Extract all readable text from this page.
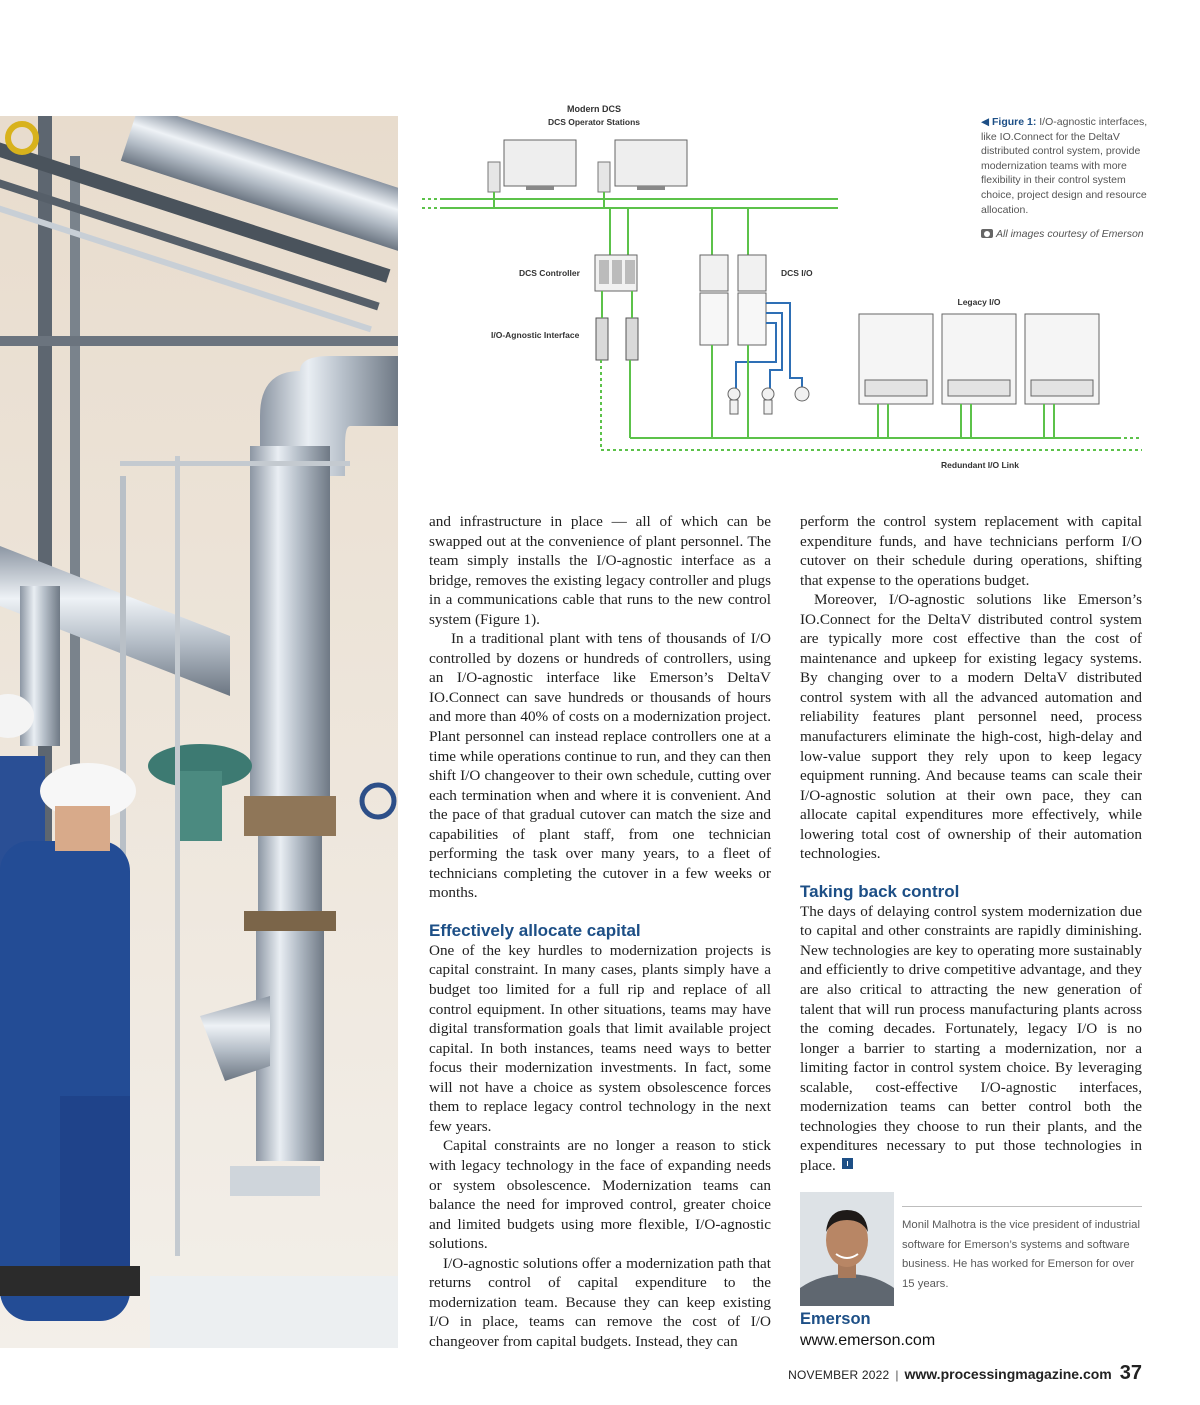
Modern DCS
DCS Operator Stations
DCS Controller
I/O-Agnostic Interface
DCS I/O
Legacy I/O
Redundant I/O Link
◀ Figure 1: I/O-agnostic interfaces, like IO.Connect for the DeltaV distributed control system, provide modernization teams with more flexibility in their control system choice, project design and resource allocation.
All images courtesy of Emerson

and infrastructure in place — all of which can be swapped out at the convenience of plant personnel. The team simply installs the I/O-agnostic interface as a bridge, removes the existing legacy controller and plugs in a communications cable that runs to the new control system (Figure 1).

In a traditional plant with tens of thousands of I/O controlled by dozens or hundreds of controllers, using an I/O-agnostic interface like Emerson’s DeltaV IO.Connect can save hundreds or thousands of hours and more than 40% of costs on a modernization project. Plant personnel can instead replace controllers one at a time while operations continue to run, and they can then shift I/O changeover to their own schedule, cutting over each termination when and where it is convenient. And the pace of that gradual cutover can match the size and capabilities of plant staff, from one technician performing the task over many years, to a fleet of technicians completing the cutover in a few weeks or months.

Effectively allocate capital

One of the key hurdles to modernization projects is capital constraint. In many cases, plants simply have a budget too limited for a full rip and replace of all control equipment. In other situations, teams may have digital transformation goals that limit available project capital. In both instances, teams need ways to better focus their modernization investments. In fact, some will not have a choice as system obsolescence forces them to replace legacy control technology in the next few years.

Capital constraints are no longer a reason to stick with legacy technology in the face of expanding needs or system obsolescence. Modernization teams can balance the need for improved control, greater choice and limited budgets using more flexible, I/O-agnostic solutions.

I/O-agnostic solutions offer a modernization path that returns control of capital expenditure to the modernization team. Because they can keep existing I/O in place, teams can remove the cost of I/O changeover from capital budgets. Instead, they can

perform the control system replacement with capital expenditure funds, and have technicians perform I/O cutover on their schedule during operations, shifting that expense to the operations budget.

Moreover, I/O-agnostic solutions like Emerson’s IO.Connect for the DeltaV distributed control system are typically more cost effective than the cost of maintenance and upkeep for existing legacy systems. By changing over to a modern DeltaV distributed control system with all the advanced automation and reliability features plant personnel need, process manufacturers eliminate the high-cost, high-delay and low-value support they rely upon to keep legacy equipment running. And because teams can scale their I/O-agnostic solution at their own pace, they can allocate capital expenditures more effectively, while lowering total cost of ownership of their automation technologies.

Taking back control

The days of delaying control system modernization due to capital and other constraints are rapidly diminishing. New technologies are key to operating more sustainably and efficiently to drive competitive advantage, and they are also critical to attracting the new generation of talent that will run process manufacturing plants across the coming decades. Fortunately, legacy I/O is no longer a barrier to starting a modernization, nor a limiting factor in control system choice. By leveraging scalable, cost-effective I/O-agnostic interfaces, modernization teams can better control both the technologies they choose to run their plants, and the expenditures necessary to put those technologies in place.

Monil Malhotra is the vice president of industrial software for Emerson’s systems and software business. He has worked for Emerson for over 15 years.
Emerson
www.emerson.com
NOVEMBER 2022 | www.processingmagazine.com 37
